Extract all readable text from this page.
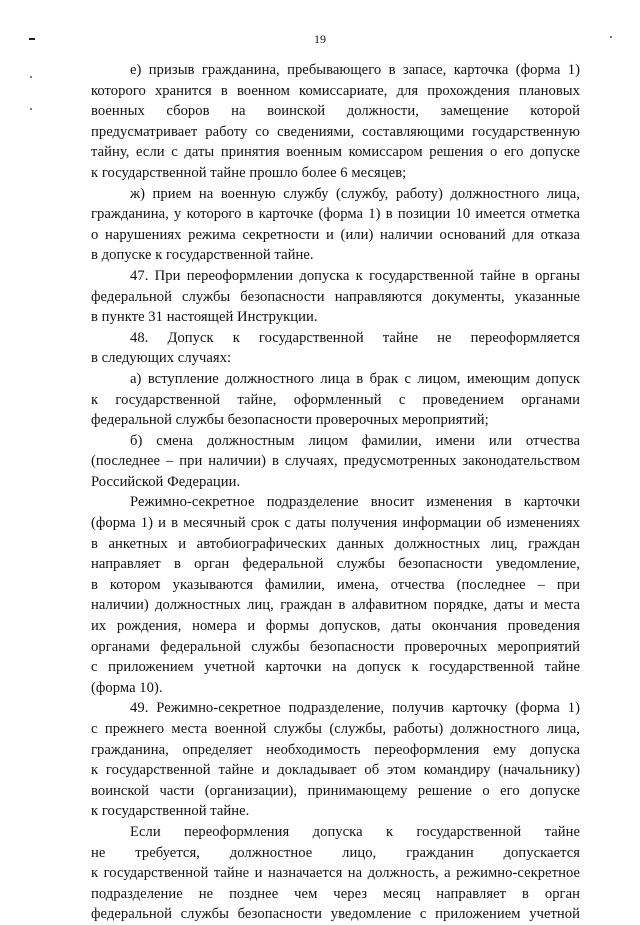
19
е) призыв гражданина, пребывающего в запасе, карточка (форма 1)
которого хранится в военном комиссариате, для прохождения плановых
военных сборов на воинской должности, замещение которой
предусматривает работу со сведениями, составляющими государственную
тайну, если с даты принятия военным комиссаром решения о его допуске
к государственной тайне прошло более 6 месяцев;
ж) прием на военную службу (службу, работу) должностного лица,
гражданина, у которого в карточке (форма 1) в позиции 10 имеется отметка
о нарушениях режима секретности и (или) наличии оснований для отказа
в допуске к государственной тайне.
47. При переоформлении допуска к государственной тайне в органы
федеральной службы безопасности направляются документы, указанные
в пункте 31 настоящей Инструкции.
48. Допуск к государственной тайне не переоформляется
в следующих случаях:
а) вступление должностного лица в брак с лицом, имеющим допуск
к государственной тайне, оформленный с проведением органами
федеральной службы безопасности проверочных мероприятий;
б) смена должностным лицом фамилии, имени или отчества
(последнее – при наличии) в случаях, предусмотренных законодательством
Российской Федерации.
Режимно-секретное подразделение вносит изменения в карточки
(форма 1) и в месячный срок с даты получения информации об изменениях
в анкетных и автобиографических данных должностных лиц, граждан
направляет в орган федеральной службы безопасности уведомление,
в котором указываются фамилии, имена, отчества (последнее – при
наличии) должностных лиц, граждан в алфавитном порядке, даты и места
их рождения, номера и формы допусков, даты окончания проведения
органами федеральной службы безопасности проверочных мероприятий
с приложением учетной карточки на допуск к государственной тайне
(форма 10).
49. Режимно-секретное подразделение, получив карточку (форма 1)
с прежнего места военной службы (службы, работы) должностного лица,
гражданина, определяет необходимость переоформления ему допуска
к государственной тайне и докладывает об этом командиру (начальнику)
воинской части (организации), принимающему решение о его допуске
к государственной тайне.
Если переоформления допуска к государственной тайне
не требуется, должностное лицо, гражданин допускается
к государственной тайне и назначается на должность, а режимно-секретное
подразделение не позднее чем через месяц направляет в орган
федеральной службы безопасности уведомление с приложением учетной
